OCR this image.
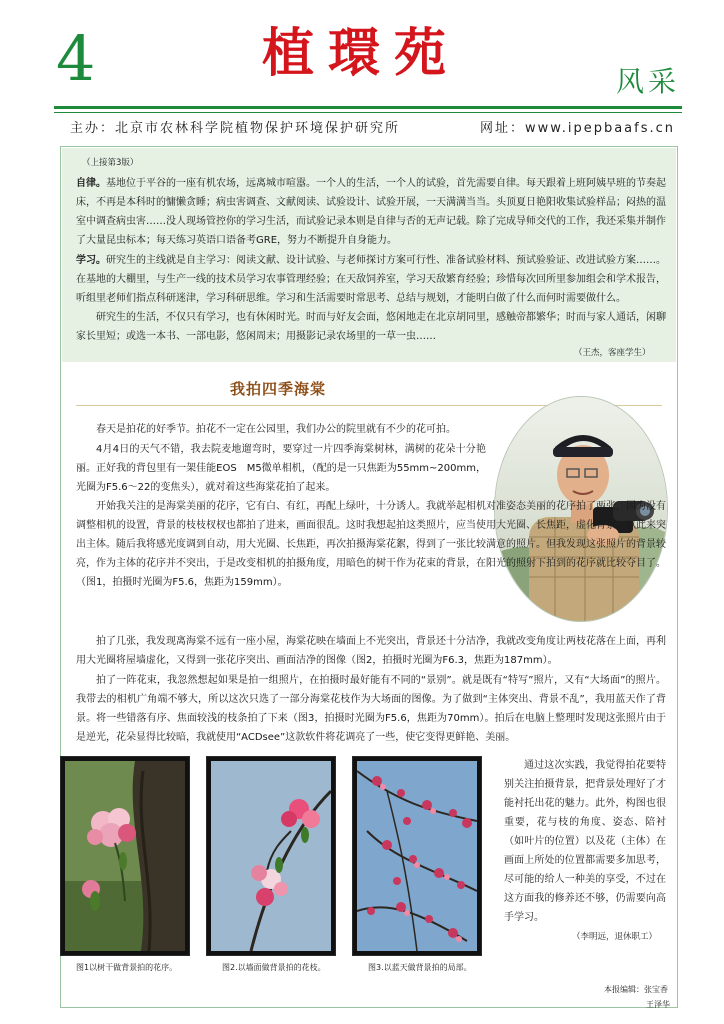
4	植環苑	风采
主办：北京市农林科学院植物保护环境保护研究所	网址：www.ipepbaafs.cn
（上接第3版）

自律。基地位于平谷的一座有机农场，远离城市喧嚣。一个人的生活，一个人的试验，首先需要自律。每天跟着上班阿姨早班的节奏起床，不再是本科时的慵懒贪睡；病虫害调查、文献阅读、试验设计、试验开展，一天满满当当。头顶夏日艳阳收集试验样品；闷热的温室中调查病虫害……没人现场管控你的学习生活，而试验记录本则是自律与否的无声记载。除了完成导师交代的工作，我还采集并制作了大量昆虫标本；每天练习英语口语备考GRE，努力不断提升自身能力。

学习。研究生的主线就是自主学习：阅读文献、设计试验、与老师探讨方案可行性、准备试验材料、预试验验证、改进试验方案……。在基地的大棚里，与生产一线的技术员学习农事管理经验；在天敌饲养室，学习天敌繁育经验；珍惜每次回所里参加组会和学术报告，听组里老师们指点科研迷津，学习科研思维。学习和生活需要时常思考、总结与规划，才能明白做了什么而何时需要做什么。

研究生的生活，不仅只有学习，也有休闲时光。时而与好友会面，悠闲地走在北京胡同里，感触帝都繁华；时而与家人通话，闲聊家长里短；或选一本书、一部电影，悠闲周末；用摄影记录农场里的一草一虫……

（王杰，客座学生）
我拍四季海棠

春天是拍花的好季节。拍花不一定在公园里，我们办公的院里就有不少的花可拍。

4月4日的天气不错，我去院麦地遛弯时，要穿过一片四季海棠树林，满树的花朵十分艳丽。正好我的背包里有一架佳能EOS　M5微单相机，（配的是一只焦距为55mm~200mm，光圈为F5.6～22的变焦头），就对着这些海棠花拍了起来。

开始我关注的是海棠美丽的花序，它有白、有红，再配上绿叶，十分诱人。我就举起相机对准姿态美丽的花序拍了两张，因为没有调整相机的设置，背景的枝枝杈杈也都拍了进来，画面很乱。这时我想起拍这类照片，应当使用大光圈、长焦距，虚化背景，以此来突出主体。随后我将感光度调到自动，用大光圈、长焦距，再次拍摄海棠花絮，得到了一张比较满意的照片。但我发现这张照片的背景较亮，作为主体的花序并不突出，于是改变相机的拍摄角度，用暗色的树干作为花束的背景，在阳光的照射下拍到的花序就比较夺目了。（图1，拍摄时光圈为F5.6，焦距为159mm）。

拍了几张，我发现离海棠不远有一座小屋，海棠花映在墙面上不光突出，背景还十分洁净，我就改变角度让两枝花落在上面，再利用大光圈将屋墙虚化，又得到一张花序突出、画面洁净的图像（图2，拍摄时光圈为F6.3，焦距为187mm）。

拍了一阵花束，我忽然想起如果是拍一组照片，在拍摄时最好能有不同的“景别”。就是既有“特写”照片，又有“大场面”的照片。我带去的相机广角端不够大，所以这次只选了一部分海棠花枝作为大场面的图像。为了做到“主体突出、背景不乱”，我用蓝天作了背景。将一些错落有序、焦面较浅的枝条拍了下来（图3，拍摄时光圈为F5.6，焦距为70mm）。拍后在电脑上整理时发现这张照片由于是逆光，花朵显得比较暗，我就使用“ACDsee”这款软件将花调亮了一些，使它变得更鲜艳、美丽。

通过这次实践，我觉得拍花要特别关注拍摄背景，把背景处理好了才能衬托出花的魅力。此外，构图也很重要，花与枝的角度、姿态、陪衬（如叶片的位置）以及花（主体）在画面上所处的位置都需要多加思考，尽可能的给人一种美的享受，不过在这方面我的修养还不够，仍需要向高手学习。

（李明远，退休职工）
图1以树干做背景拍的花序。	图2.以墙面做背景拍的花枝。	图3.以蓝天做背景拍的局部。
本报编辑：张宝香
王泽华
